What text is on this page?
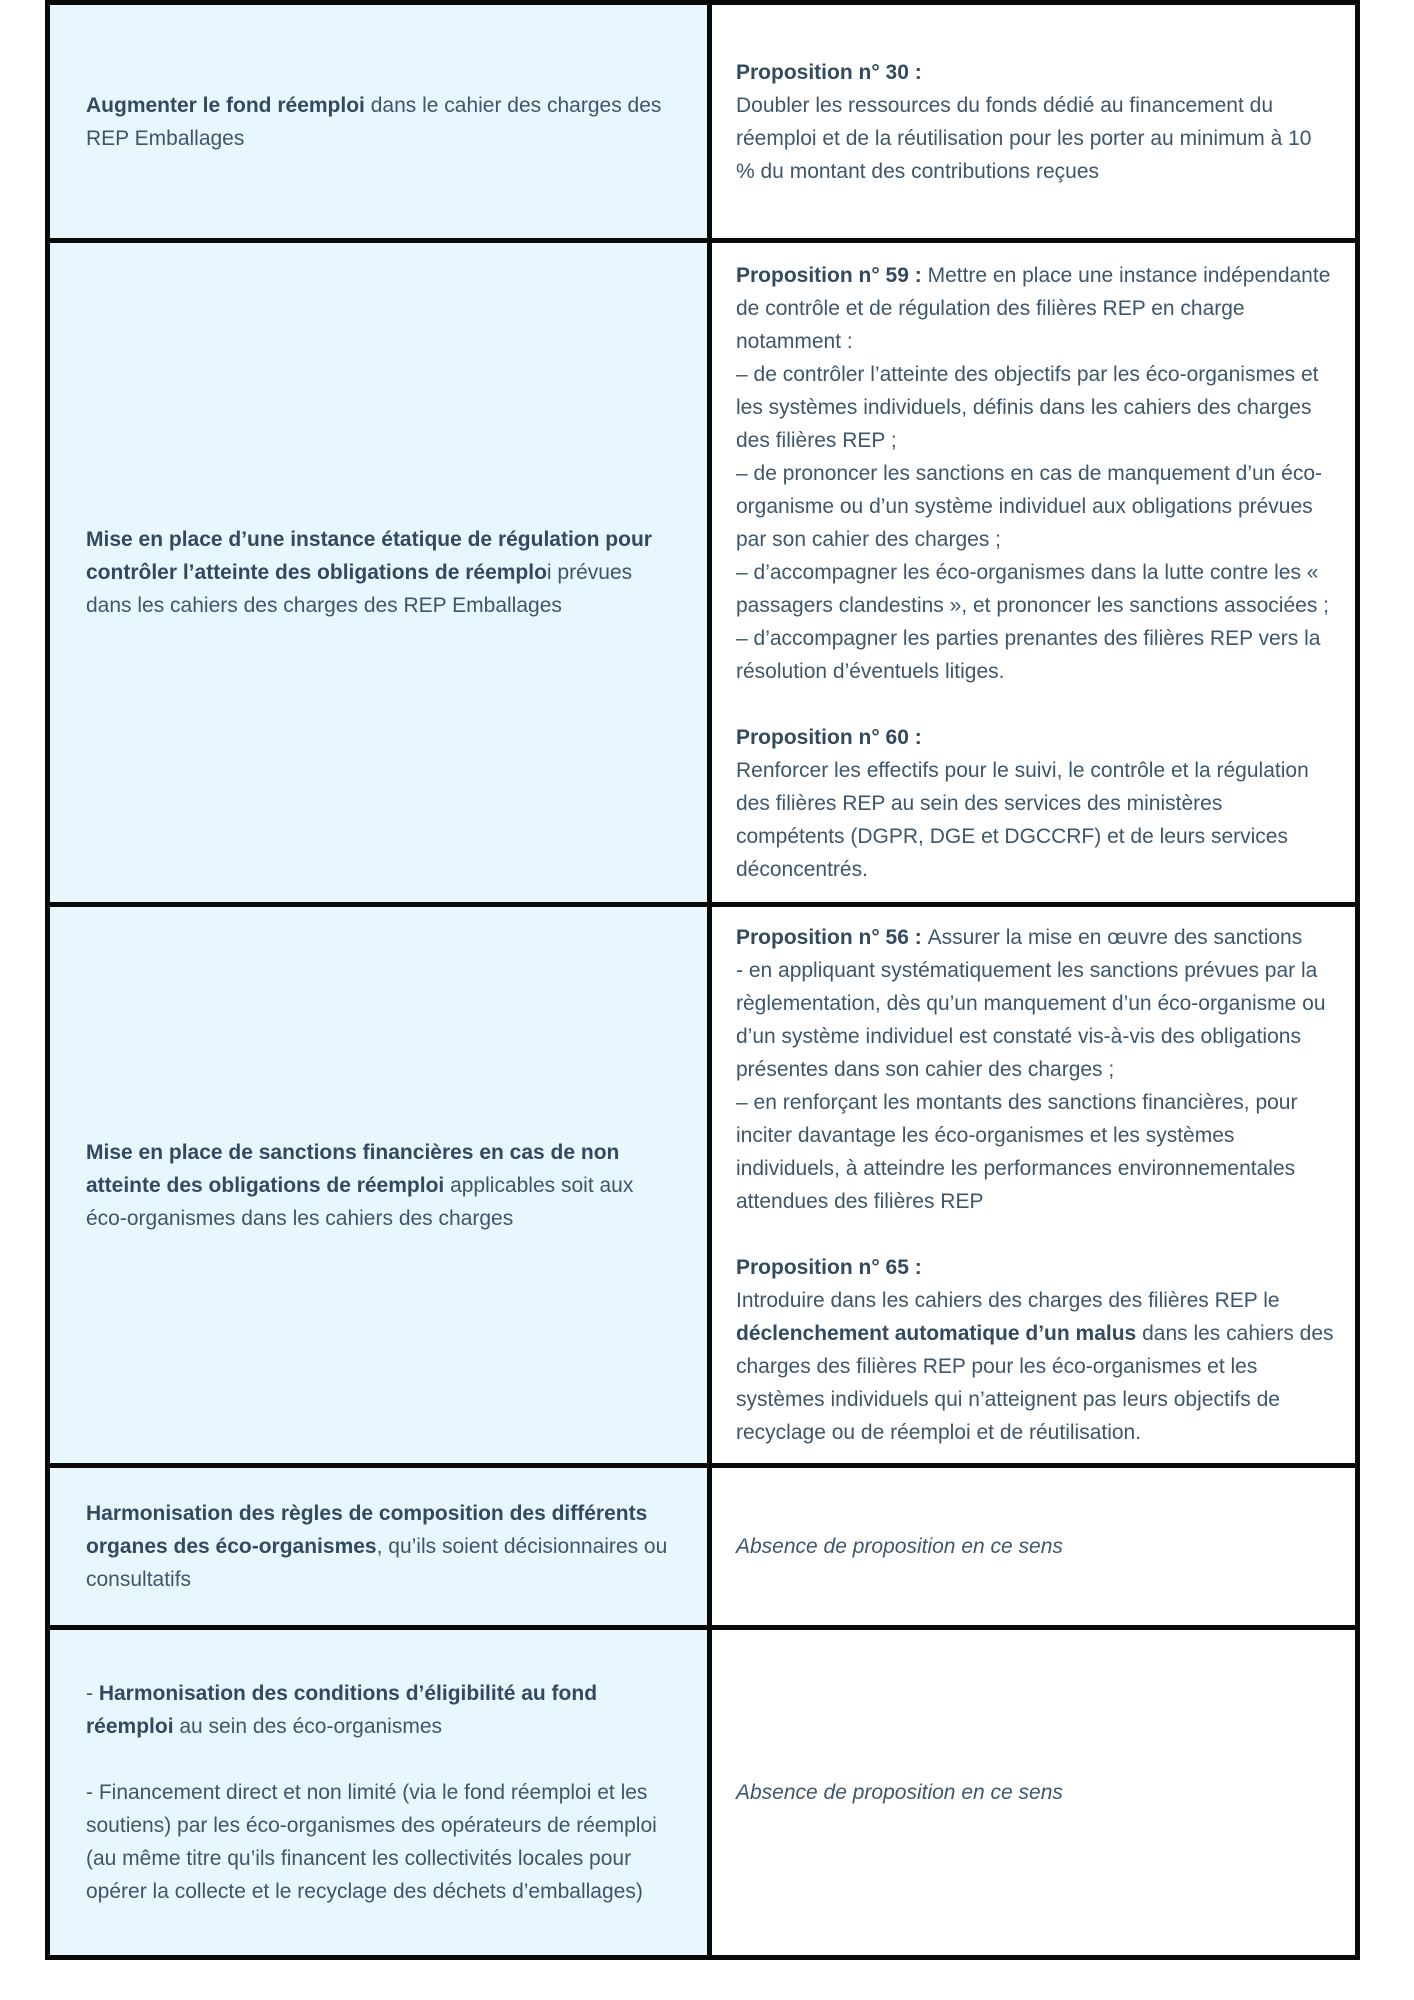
Augmenter le fond réemploi dans le cahier des charges des REP Emballages

Proposition n° 30 :

Doubler les ressources du fonds dédié au financement du réemploi et de la réutilisation pour les porter au minimum à 10 % du montant des contributions reçues

Mise en place d’une instance étatique de régulation pour contrôler l’atteinte des obligations de réemploi prévues dans les cahiers des charges des REP Emballages

Proposition n° 59 : Mettre en place une instance indépendante de contrôle et de régulation des filières REP en charge notamment :

– de contrôler l’atteinte des objectifs par les éco-organismes et les systèmes individuels, définis dans les cahiers des charges des filières REP ;

– de prononcer les sanctions en cas de manquement d’un éco-organisme ou d’un système individuel aux obligations prévues par son cahier des charges ;

– d’accompagner les éco-organismes dans la lutte contre les « passagers clandestins », et prononcer les sanctions associées ;

– d’accompagner les parties prenantes des filières REP vers la résolution d’éventuels litiges.

Proposition n° 60 :

Renforcer les effectifs pour le suivi, le contrôle et la régulation des filières REP au sein des services des ministères compétents (DGPR, DGE et DGCCRF) et de leurs services déconcentrés.

Mise en place de sanctions financières en cas de non atteinte des obligations de réemploi applicables soit aux éco-organismes dans les cahiers des charges

Proposition n° 56 : Assurer la mise en œuvre des sanctions

- en appliquant systématiquement les sanctions prévues par la règlementation, dès qu’un manquement d’un éco-organisme ou d’un système individuel est constaté vis-à-vis des obligations présentes dans son cahier des charges ;

– en renforçant les montants des sanctions financières, pour inciter davantage les éco-organismes et les systèmes individuels, à atteindre les performances environnementales attendues des filières REP

Proposition n° 65 :

Introduire dans les cahiers des charges des filières REP le déclenchement automatique d’un malus dans les cahiers des charges des filières REP pour les éco-organismes et les systèmes individuels qui n’atteignent pas leurs objectifs de recyclage ou de réemploi et de réutilisation.

Harmonisation des règles de composition des différents organes des éco-organismes, qu’ils soient décisionnaires ou consultatifs

Absence de proposition en ce sens

- Harmonisation des conditions d’éligibilité au fond réemploi au sein des éco-organismes

- Financement direct et non limité (via le fond réemploi et les soutiens) par les éco-organismes des opérateurs de réemploi (au même titre qu’ils financent les collectivités locales pour opérer la collecte et le recyclage des déchets d’emballages)

Absence de proposition en ce sens
